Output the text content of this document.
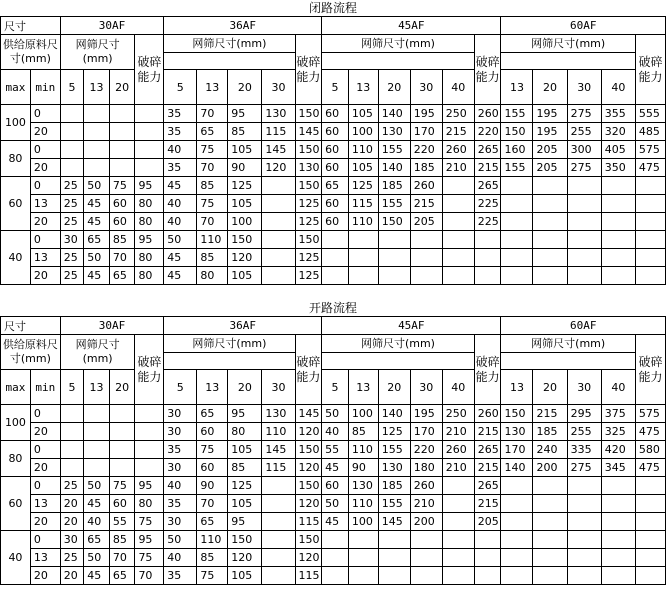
闭路流程
尺寸		30AF				36AF					45AF						60AF				
供给原料尺寸(mm)		网筛尺寸(mm)			破碎能力	网筛尺寸(mm)				破碎能力	网筛尺寸(mm)					破碎能力	网筛尺寸(mm)				破碎能力

max	min	5	13	20		5	13	20	30		5	13	20	30	40		13	20	30	40	
100	0					35	70	95	130	150	60	105	140	195	250	260	155	195	275	355	555
	20					35	65	85	115	145	60	100	130	170	215	220	150	195	255	320	485
80	0					40	75	105	145	150	60	110	155	220	260	265	160	205	300	405	575
	20					35	70	90	120	130	60	105	140	185	210	215	155	205	275	350	475
60	0	25	50	75	95	45	85	125		150	65	125	185	260		265					
	13	25	45	60	80	40	75	105		125	60	115	155	215		225					
	20	25	45	60	80	40	70	100		125	60	110	150	205		225					
40	0	30	65	85	95	50	110	150		150											
	13	25	50	70	80	45	85	120		125											
	20	25	45	65	80	45	80	105		125											
开路流程
尺寸		30AF				36AF					45AF						60AF				
供给原料尺寸(mm)		网筛尺寸(mm)			破碎能力	网筛尺寸(mm)				破碎能力	网筛尺寸(mm)					破碎能力	网筛尺寸(mm)				破碎能力

max	min	5	13	20		5	13	20	30		5	13	20	30	40		13	20	30	40	
100	0					30	65	95	130	145	50	100	140	195	250	260	150	215	295	375	575
	20					30	60	80	110	120	40	85	125	170	210	215	130	185	255	325	475
80	0					35	75	105	145	150	55	110	155	220	260	265	170	240	335	420	580
	20					30	60	85	115	120	45	90	130	180	210	215	140	200	275	345	475
60	0	25	50	75	95	40	90	125		150	60	130	185	260		265					
	13	20	45	60	80	35	70	105		120	50	110	155	210		215					
	20	20	40	55	75	30	65	95		115	45	100	145	200		205					
40	0	30	65	85	95	50	110	150		150											
	13	25	50	70	75	40	85	120		120											
	20	20	45	65	70	35	75	105		115											
